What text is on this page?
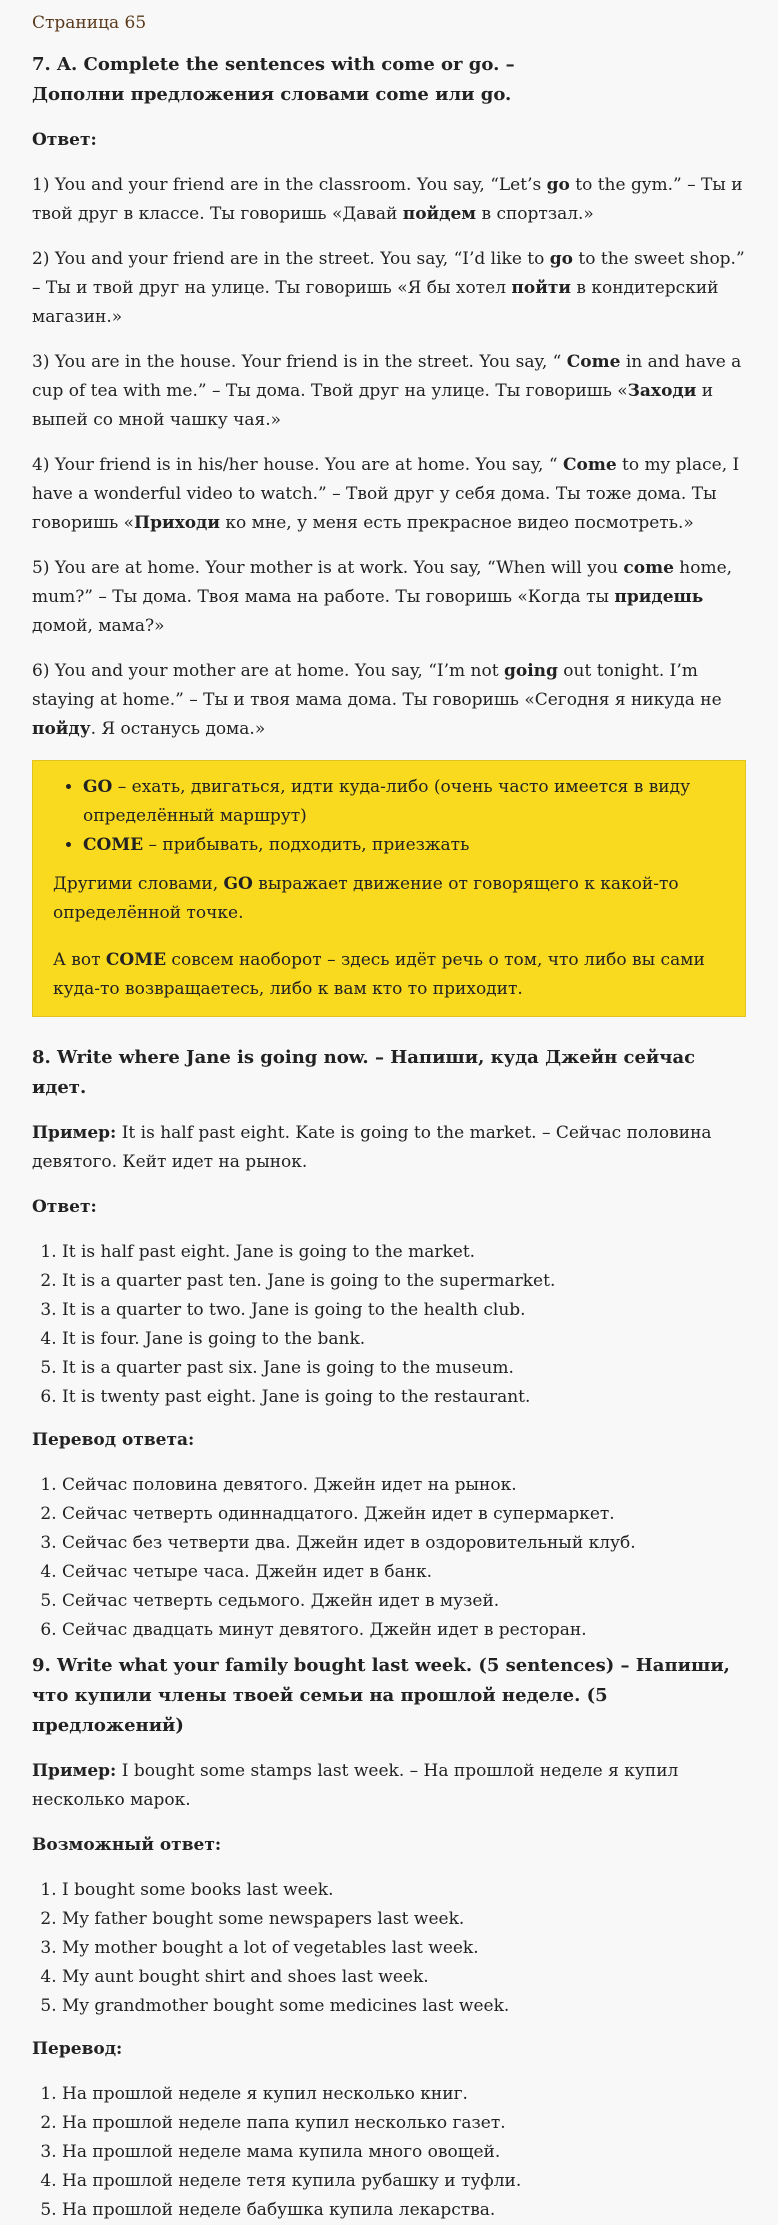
Страница 65
7. A. Complete the sentences with come or go. – Дополни предложения словами come или go.
Ответ:

1) You and your friend are in the classroom. You say, “Let’s go to the gym.” – Ты и твой друг в классе. Ты говоришь «Давай пойдем в спортзал.»

2) You and your friend are in the street. You say, “I’d like to go to the sweet shop.” – Ты и твой друг на улице. Ты говоришь «Я бы хотел пойти в кондитерский магазин.»

3) You are in the house. Your friend is in the street. You say, “ Come in and have a cup of tea with me.” – Ты дома. Твой друг на улице. Ты говоришь «Заходи и выпей со мной чашку чая.»

4) Your friend is in his/her house. You are at home. You say, “ Come to my place, I have a wonderful video to watch.” – Твой друг у себя дома. Ты тоже дома. Ты говоришь «Приходи ко мне, у меня есть прекрасное видео посмотреть.»

5) You are at home. Your mother is at work. You say, “When will you come home, mum?” – Ты дома. Твоя мама на работе. Ты говоришь «Когда ты придешь домой, мама?»

6) You and your mother are at home. You say, “I’m not going out tonight. I’m staying at home.” – Ты и твоя мама дома. Ты говоришь «Сегодня я никуда не пойду. Я останусь дома.»

• GO – ехать, двигаться, идти куда-либо (очень часто имеется в виду определённый маршрут)
• COME – прибывать, подходить, приезжать

Другими словами, GO выражает движение от говорящего к какой-то определённой точке.

А вот COME совсем наоборот – здесь идёт речь о том, что либо вы сами куда-то возвращаетесь, либо к вам кто то приходит.

8. Write where Jane is going now. – Напиши, куда Джейн сейчас идет.

Пример: It is half past eight. Kate is going to the market. – Сейчас половина девятого. Кейт идет на рынок.

Ответ:
1. It is half past eight. Jane is going to the market.
2. It is a quarter past ten. Jane is going to the supermarket.
3. It is a quarter to two. Jane is going to the health club.
4. It is four. Jane is going to the bank.
5. It is a quarter past six. Jane is going to the museum.
6. It is twenty past eight. Jane is going to the restaurant.
Перевод ответа:
1. Сейчас половина девятого. Джейн идет на рынок.
2. Сейчас четверть одиннадцатого. Джейн идет в супермаркет.
3. Сейчас без четверти два. Джейн идет в оздоровительный клуб.
4. Сейчас четыре часа. Джейн идет в банк.
5. Сейчас четверть седьмого. Джейн идет в музей.
6. Сейчас двадцать минут девятого. Джейн идет в ресторан.
9. Write what your family bought last week. (5 sentences) – Напиши, что купили члены твоей семьи на прошлой неделе. (5 предложений)

Пример: I bought some stamps last week. – На прошлой неделе я купил несколько марок.

Возможный ответ:
1. I bought some books last week.
2. My father bought some newspapers last week.
3. My mother bought a lot of vegetables last week.
4. My aunt bought shirt and shoes last week.
5. My grandmother bought some medicines last week.
Перевод:
1. На прошлой неделе я купил несколько книг.
2. На прошлой неделе папа купил несколько газет.
3. На прошлой неделе мама купила много овощей.
4. На прошлой неделе тетя купила рубашку и туфли.
5. На прошлой неделе бабушка купила лекарства.
